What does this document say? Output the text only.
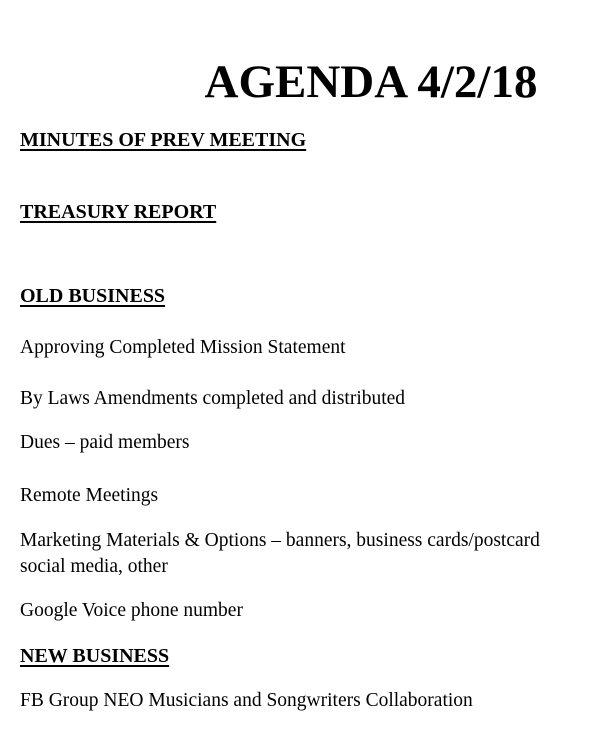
AGENDA 4/2/18

MINUTES OF PREV MEETING

TREASURY REPORT

OLD BUSINESS

Approving Completed Mission Statement

By Laws Amendments completed and distributed

Dues – paid members

Remote Meetings

Marketing Materials & Options – banners, business cards/postcard

social media, other

Google Voice phone number

NEW BUSINESS

FB Group NEO Musicians and Songwriters Collaboration
